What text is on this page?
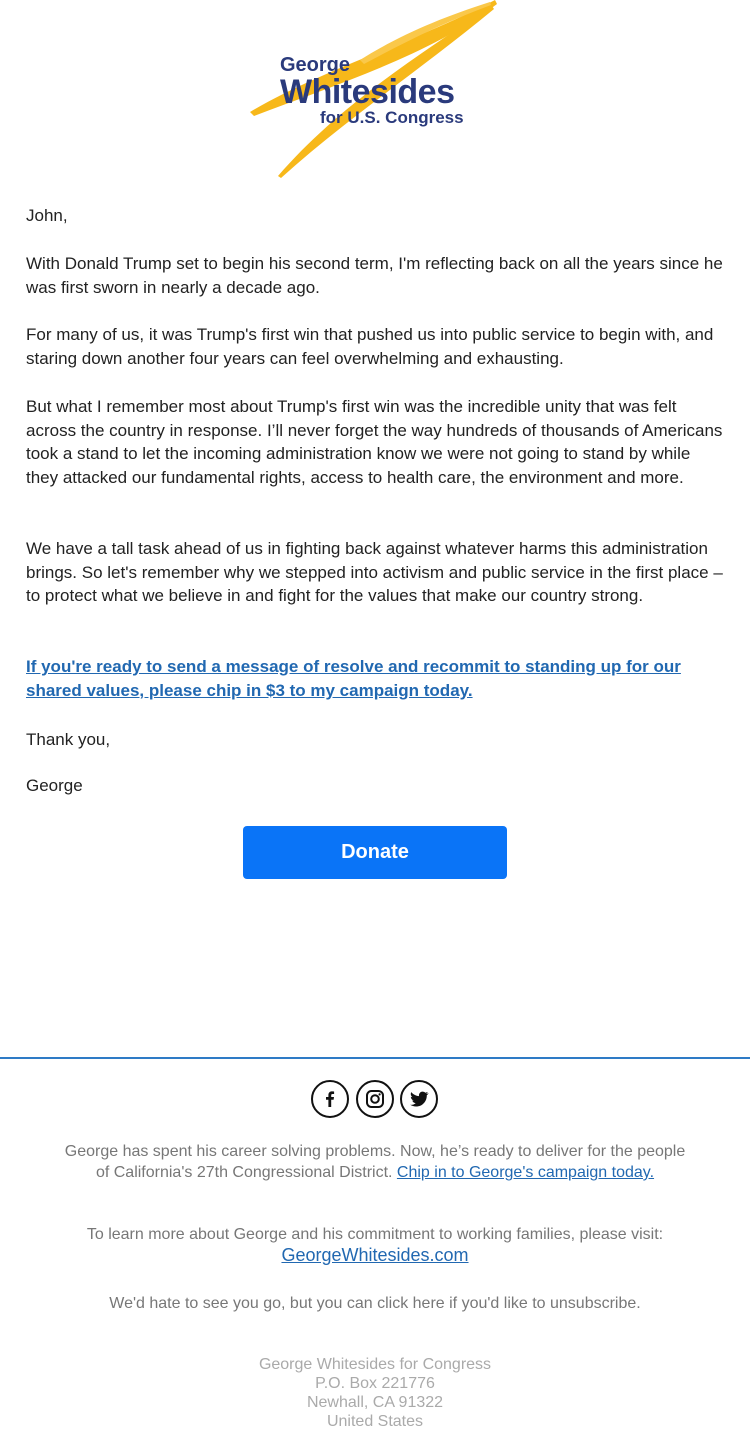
George
Whitesides
for U.S. Congress

John,

With Donald Trump set to begin his second term, I'm reflecting back on all the years since he was first sworn in nearly a decade ago.

For many of us, it was Trump's first win that pushed us into public service to begin with, and staring down another four years can feel overwhelming and exhausting.

But what I remember most about Trump's first win was the incredible unity that was felt across the country in response. I’ll never forget the way hundreds of thousands of Americans took a stand to let the incoming administration know we were not going to stand by while they attacked our fundamental rights, access to health care, the environment and more.

We have a tall task ahead of us in fighting back against whatever harms this administration brings. So let's remember why we stepped into activism and public service in the first place – to protect what we believe in and fight for the values that make our country strong.

If you're ready to send a message of resolve and recommit to standing up for our shared values, please chip in $3 to my campaign today.

Thank you,

George

Donate

George has spent his career solving problems. Now, he’s ready to deliver for the people of California's 27th Congressional District. Chip in to George's campaign today.

To learn more about George and his commitment to working families, please visit:
GeorgeWhitesides.com

We'd hate to see you go, but you can click here if you'd like to unsubscribe.

George Whitesides for Congress
P.O. Box 221776
Newhall, CA 91322
United States
